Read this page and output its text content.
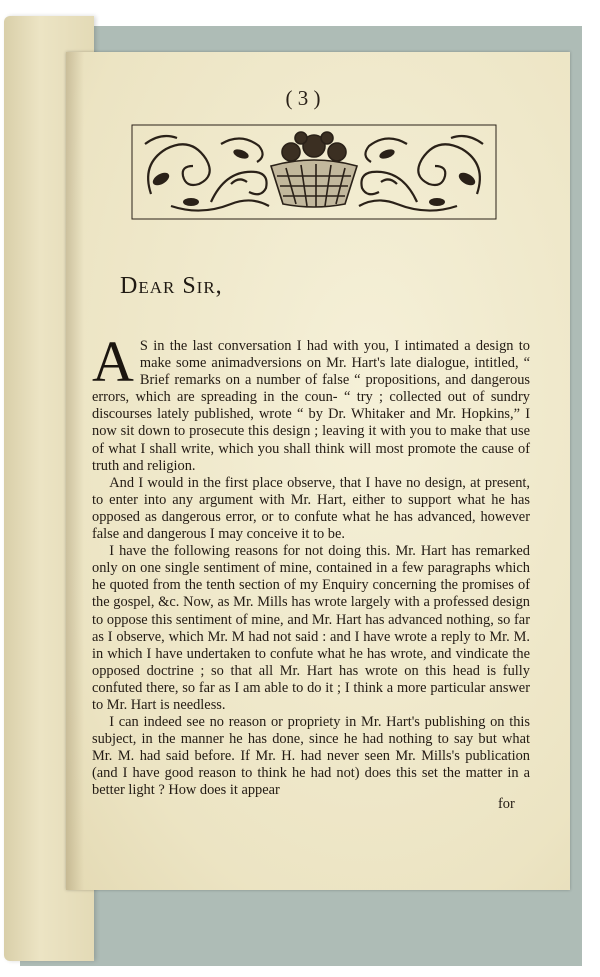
( 3 )
Dear Sir,

A S in the last conversation I had with you, I intimated a design to make some animadversions on Mr. Hart's late dialogue, intitled, “ Brief remarks on a number of false “ propositions, and dangerous errors, which are spreading in the coun- “ try ; collected out of sundry discourses lately published, wrote “ by Dr. Whitaker and Mr. Hopkins,” I now sit down to prosecute this design ; leaving it with you to make that use of what I shall write, which you shall think will most promote the cause of truth and religion.

And I would in the first place observe, that I have no design, at present, to enter into any argument with Mr. Hart, either to support what he has opposed as dangerous error, or to confute what he has advanced, however false and dangerous I may conceive it to be.

I have the following reasons for not doing this. Mr. Hart has remarked only on one single sentiment of mine, contained in a few paragraphs which he quoted from the tenth section of my Enquiry concerning the promises of the gospel, &c. Now, as Mr. Mills has wrote largely with a professed design to oppose this sentiment of mine, and Mr. Hart has advanced nothing, so far as I observe, which Mr. M had not said : and I have wrote a reply to Mr. M. in which I have undertaken to confute what he has wrote, and vindicate the opposed doctrine ; so that all Mr. Hart has wrote on this head is fully confuted there, so far as I am able to do it ; I think a more particular answer to Mr. Hart is needless.

I can indeed see no reason or propriety in Mr. Hart's publishing on this subject, in the manner he has done, since he had nothing to say but what Mr. M. had said before. If Mr. H. had never seen Mr. Mills's publication (and I have good reason to think he had not) does this set the matter in a better light ? How does it appear

for
